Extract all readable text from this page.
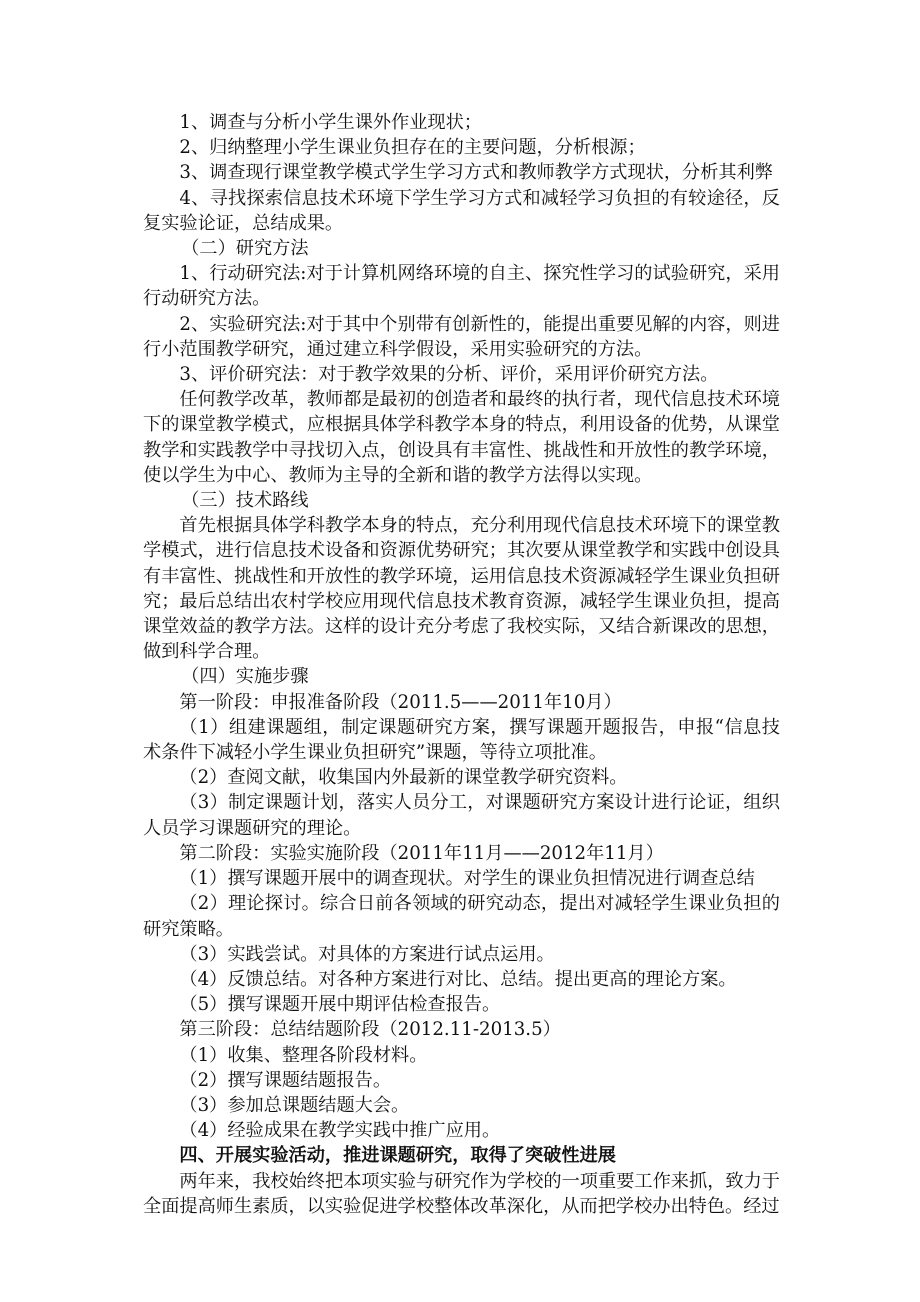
1、调查与分析小学生课外作业现状；

2、归纳整理小学生课业负担存在的主要问题，分析根源；

3、调查现行课堂教学模式学生学习方式和教师教学方式现状，分析其利弊

4、寻找探索信息技术环境下学生学习方式和减轻学习负担的有较途径，反复实验论证，总结成果。

（二）研究方法

1、行动研究法:对于计算机网络环境的自主、探究性学习的试验研究，采用行动研究方法。

2、实验研究法:对于其中个别带有创新性的，能提出重要见解的内容，则进行小范围教学研究，通过建立科学假设，采用实验研究的方法。

3、评价研究法：对于教学效果的分析、评价，采用评价研究方法。

任何教学改革，教师都是最初的创造者和最终的执行者，现代信息技术环境下的课堂教学模式，应根据具体学科教学本身的特点，利用设备的优势，从课堂教学和实践教学中寻找切入点，创设具有丰富性、挑战性和开放性的教学环境，使以学生为中心、教师为主导的全新和谐的教学方法得以实现。

（三）技术路线

首先根据具体学科教学本身的特点，充分利用现代信息技术环境下的课堂教学模式，进行信息技术设备和资源优势研究；其次要从课堂教学和实践中创设具有丰富性、挑战性和开放性的教学环境，运用信息技术资源减轻学生课业负担研究；最后总结出农村学校应用现代信息技术教育资源，减轻学生课业负担，提高课堂效益的教学方法。这样的设计充分考虑了我校实际，又结合新课改的思想，做到科学合理。

（四）实施步骤

第一阶段：申报准备阶段（2011.5——2011年10月）

（1）组建课题组，制定课题研究方案，撰写课题开题报告，申报“信息技术条件下减轻小学生课业负担研究”课题，等待立项批准。

（2）查阅文献，收集国内外最新的课堂教学研究资料。

（3）制定课题计划，落实人员分工，对课题研究方案设计进行论证，组织人员学习课题研究的理论。

第二阶段：实验实施阶段（2011年11月——2012年11月）

（1）撰写课题开展中的调查现状。对学生的课业负担情况进行调查总结

（2）理论探讨。综合日前各领域的研究动态，提出对减轻学生课业负担的研究策略。

（3）实践尝试。对具体的方案进行试点运用。

（4）反馈总结。对各种方案进行对比、总结。提出更高的理论方案。

（5）撰写课题开展中期评估检查报告。

第三阶段：总结结题阶段（2012.11-2013.5）

（1）收集、整理各阶段材料。

（2）撰写课题结题报告。

（3）参加总课题结题大会。

（4）经验成果在教学实践中推广应用。

四、开展实验活动，推进课题研究，取得了突破性进展

两年来，我校始终把本项实验与研究作为学校的一项重要工作来抓，致力于全面提高师生素质，以实验促进学校整体改革深化，从而把学校办出特色。经过
